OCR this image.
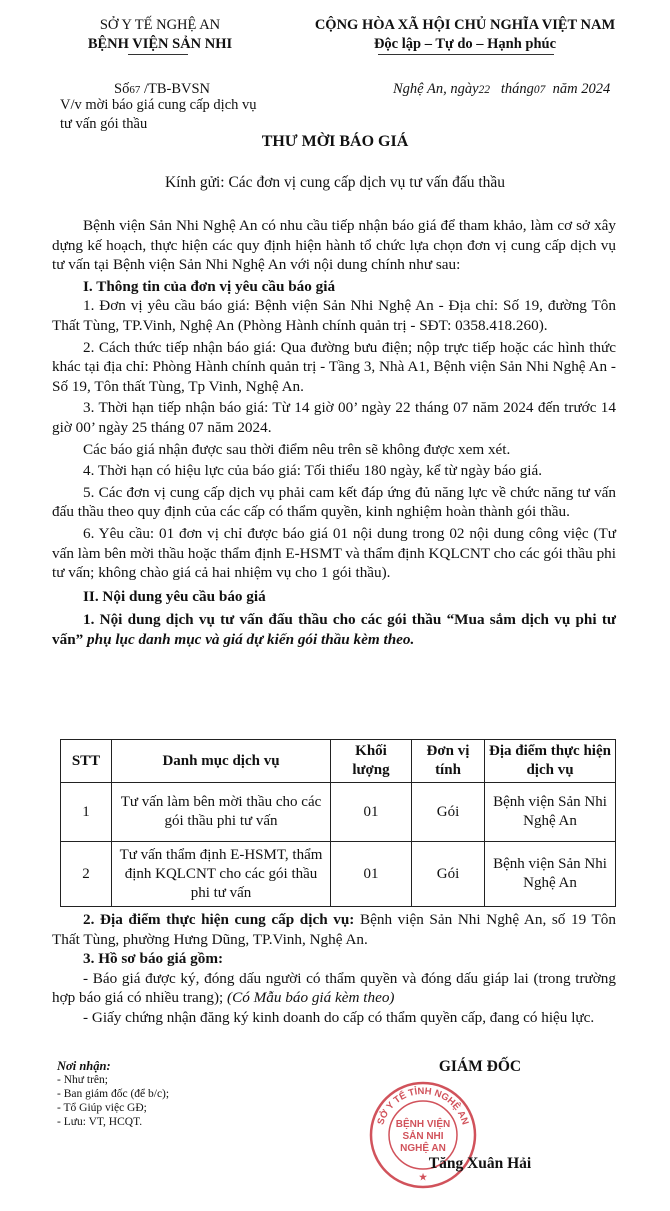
SỞ Y TẾ NGHỆ AN
BỆNH VIỆN SẢN NHI
CỘNG HÒA XÃ HỘI CHỦ NGHĨA VIỆT NAM
Độc lập – Tự do – Hạnh phúc
Số67 /TB-BVSN
V/v mời báo giá cung cấp dịch vụ
tư vấn gói thầu
Nghệ An, ngày22 tháng07 năm 2024
THƯ MỜI BÁO GIÁ
Kính gửi: Các đơn vị cung cấp dịch vụ tư vấn đấu thầu

Bệnh viện Sản Nhi Nghệ An có nhu cầu tiếp nhận báo giá để tham khảo, làm cơ sở xây dựng kế hoạch, thực hiện các quy định hiện hành tổ chức lựa chọn đơn vị cung cấp dịch vụ tư vấn tại Bệnh viện Sản Nhi Nghệ An với nội dung chính như sau:

I. Thông tin của đơn vị yêu cầu báo giá

1. Đơn vị yêu cầu báo giá: Bệnh viện Sản Nhi Nghệ An - Địa chỉ: Số 19, đường Tôn Thất Tùng, TP.Vinh, Nghệ An (Phòng Hành chính quản trị - SĐT: 0358.418.260).

2. Cách thức tiếp nhận báo giá: Qua đường bưu điện; nộp trực tiếp hoặc các hình thức khác tại địa chỉ: Phòng Hành chính quản trị - Tầng 3, Nhà A1, Bệnh viện Sản Nhi Nghệ An - Số 19, Tôn thất Tùng, Tp Vinh, Nghệ An.

3. Thời hạn tiếp nhận báo giá: Từ 14 giờ 00’ ngày 22 tháng 07 năm 2024 đến trước 14 giờ 00’ ngày 25 tháng 07 năm 2024.

Các báo giá nhận được sau thời điểm nêu trên sẽ không được xem xét.

4. Thời hạn có hiệu lực của báo giá: Tối thiểu 180 ngày, kể từ ngày báo giá.

5. Các đơn vị cung cấp dịch vụ phải cam kết đáp ứng đủ năng lực về chức năng tư vấn đấu thầu theo quy định của các cấp có thẩm quyền, kinh nghiệm hoàn thành gói thầu.

6. Yêu cầu: 01 đơn vị chỉ được báo giá 01 nội dung trong 02 nội dung công việc (Tư vấn làm bên mời thầu hoặc thẩm định E-HSMT và thẩm định KQLCNT cho các gói thầu phi tư vấn; không chào giá cả hai nhiệm vụ cho 1 gói thầu).

II. Nội dung yêu cầu báo giá

1. Nội dung dịch vụ tư vấn đấu thầu cho các gói thầu “Mua sắm dịch vụ phi tư vấn” phụ lục danh mục và giá dự kiến gói thầu kèm theo.

STT	Danh mục dịch vụ	Khối lượng	Đơn vị tính	Địa điểm thực hiện dịch vụ
1	Tư vấn làm bên mời thầu cho các gói thầu phi tư vấn	01	Gói	Bệnh viện Sản Nhi Nghệ An
2	Tư vấn thẩm định E-HSMT, thẩm định KQLCNT cho các gói thầu phi tư vấn	01	Gói	Bệnh viện Sản Nhi Nghệ An

2. Địa điểm thực hiện cung cấp dịch vụ: Bệnh viện Sản Nhi Nghệ An, số 19 Tôn Thất Tùng, phường Hưng Dũng, TP.Vinh, Nghệ An.

3. Hồ sơ báo giá gồm:

- Báo giá được ký, đóng dấu người có thẩm quyền và đóng dấu giáp lai (trong trường hợp báo giá có nhiều trang); (Có Mẫu báo giá kèm theo)

- Giấy chứng nhận đăng ký kinh doanh do cấp có thẩm quyền cấp, đang có hiệu lực.

Nơi nhận:
- Như trên;
- Ban giám đốc (để b/c);
- Tổ Giúp việc GĐ;
- Lưu: VT, HCQT.
GIÁM ĐỐC
SỞ Y TẾ TỈNH NGHỆ AN
BỆNH VIỆN
SẢN NHI
NGHỆ AN
★
Tăng Xuân Hải
